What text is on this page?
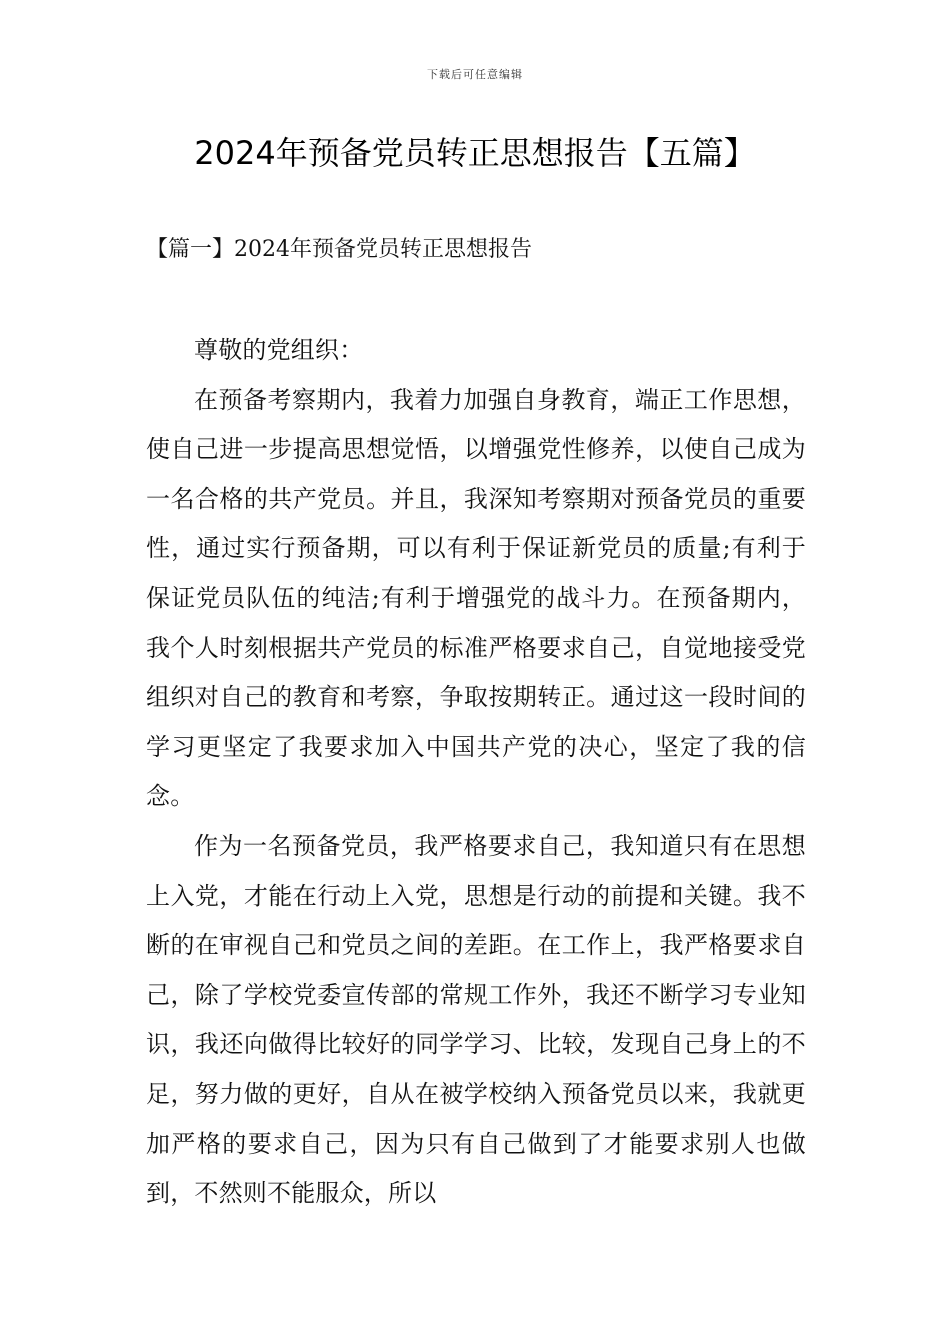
下载后可任意编辑
2024年预备党员转正思想报告【五篇】
【篇一】2024年预备党员转正思想报告

尊敬的党组织：

在预备考察期内，我着力加强自身教育，端正工作思想，使自己进一步提高思想觉悟，以增强党性修养，以使自己成为一名合格的共产党员。并且，我深知考察期对预备党员的重要性，通过实行预备期，可以有利于保证新党员的质量;有利于保证党员队伍的纯洁;有利于增强党的战斗力。在预备期内，我个人时刻根据共产党员的标准严格要求自己，自觉地接受党组织对自己的教育和考察，争取按期转正。通过这一段时间的学习更坚定了我要求加入中国共产党的决心，坚定了我的信念。

作为一名预备党员，我严格要求自己，我知道只有在思想上入党，才能在行动上入党，思想是行动的前提和关键。我不断的在审视自己和党员之间的差距。在工作上，我严格要求自己，除了学校党委宣传部的常规工作外，我还不断学习专业知识，我还向做得比较好的同学学习、比较，发现自己身上的不足，努力做的更好，自从在被学校纳入预备党员以来，我就更加严格的要求自己，因为只有自己做到了才能要求别人也做到，不然则不能服众，所以
